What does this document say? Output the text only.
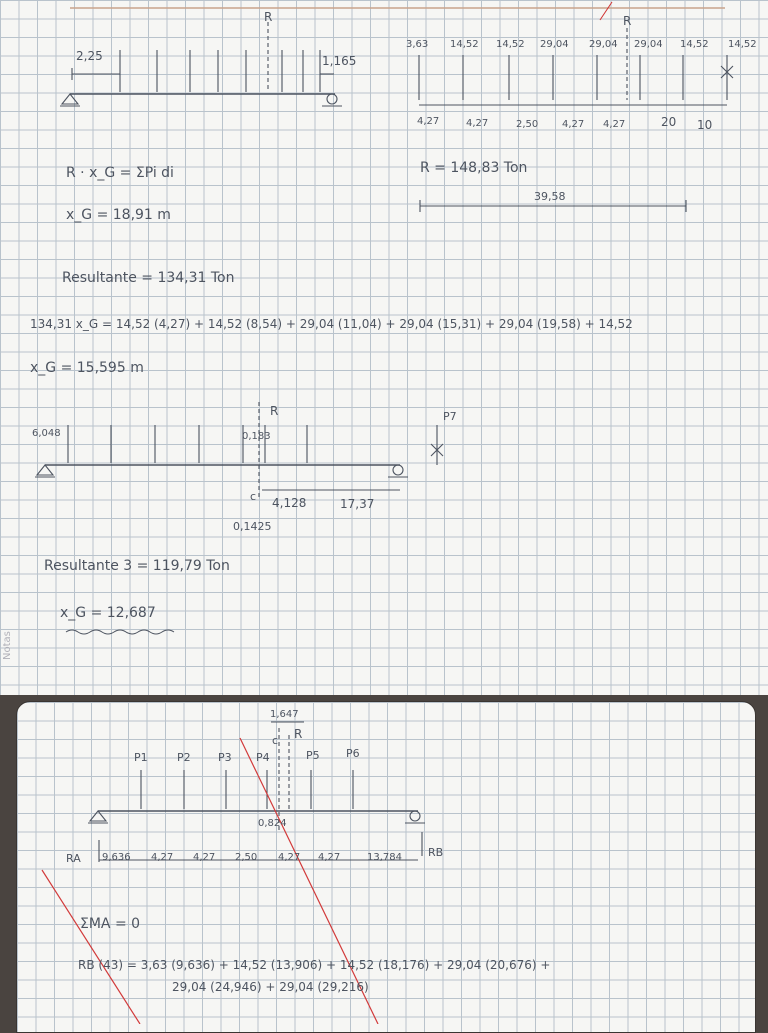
Notas
2,25	1,165
R	R
3,63 14,52 14,52 29,04 29,04 29,04 14,52 14,52
4,27	4,27	2,50 4,27 4,27	20 10
R = 148,83 Ton
39,58
R · x_G = ΣPi di
x_G = 18,91 m
Resultante = 134,31 Ton
134,31 x_G = 14,52 (4,27) + 14,52 (8,54) + 29,04 (11,04) + 29,04 (15,31) + 29,04 (19,58) + 14,52
x_G = 15,595 m
6,048	0,183
R	P7
c 4,128	17,37
0,1425
Resultante 3 = 119,79 Ton
x_G = 12,687
1,647
c R
P1	P2 P3 P4	P5 P6
0,824
RA	RB
9,636 4,27 4,27 2,50 4,27 4,27	13,784
ΣMA = 0
RB (43) = 3,63 (9,636) + 14,52 (13,906) + 14,52 (18,176) + 29,04 (20,676) +
29,04 (24,946) + 29,04 (29,216)
